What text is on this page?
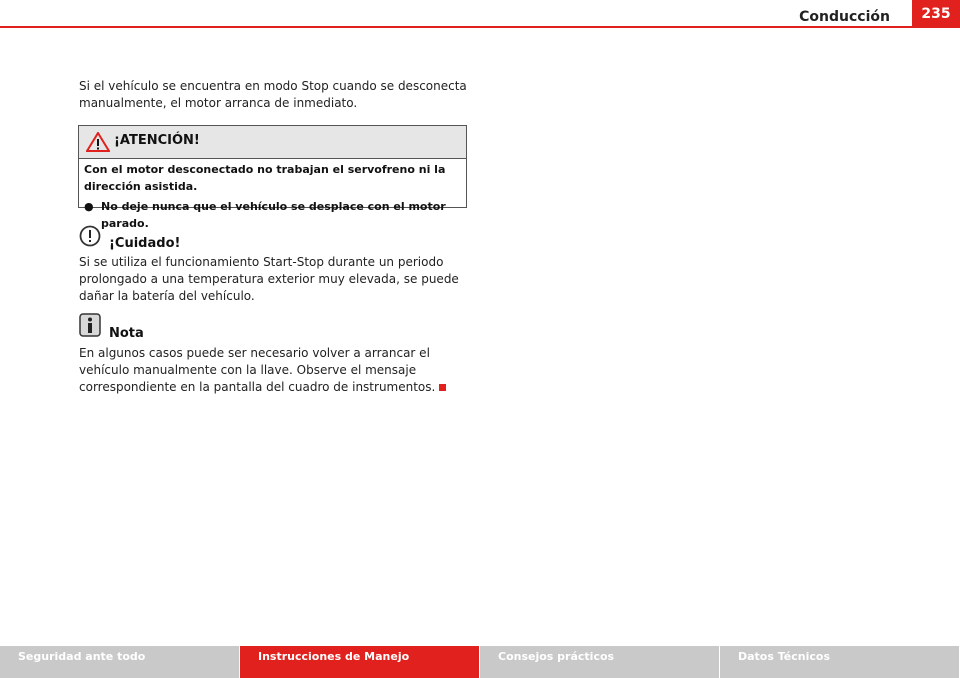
Conducción	235
Si el vehículo se encuentra en modo Stop cuando se desconecta manualmente, el motor arranca de inmediato.
¡ATENCIÓN!
Con el motor desconectado no trabajan el servofreno ni la dirección asistida.
● No deje nunca que el vehículo se desplace con el motor parado.
¡Cuidado!
Si se utiliza el funcionamiento Start-Stop durante un periodo prolongado a una temperatura exterior muy elevada, se puede dañar la batería del vehículo.
Nota
En algunos casos puede ser necesario volver a arrancar el vehículo manualmente con la llave. Observe el mensaje correspondiente en la pantalla del cuadro de instrumentos.
Seguridad ante todo	Instrucciones de Manejo	Consejos prácticos	Datos Técnicos
